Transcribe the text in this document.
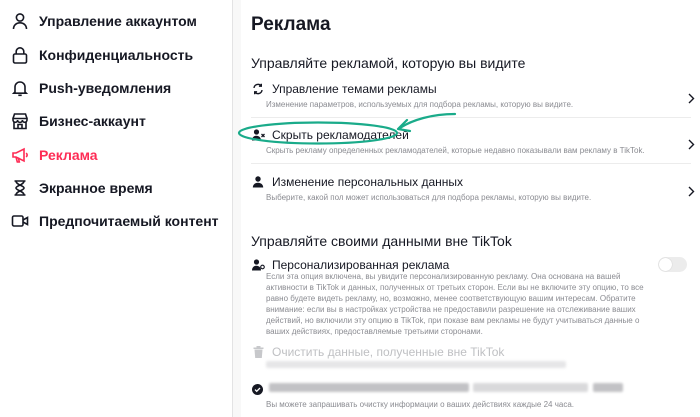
Управление аккаунтом
Конфиденциальность
Push-уведомления
Бизнес-аккаунт
Реклама
Экранное время
Предпочитаемый контент
Реклама
Управляйте рекламой, которую вы видите
Управление темами рекламы
Изменение параметров, используемых для подбора рекламы, которую вы видите.
Скрыть рекламодателей
Скрыть рекламу определенных рекламодателей, которые недавно показывали вам рекламу в TikTok.
Изменение персональных данных
Выберите, какой пол может использоваться для подбора рекламы, которую вы видите.
Управляйте своими данными вне TikTok
Персонализированная реклама
Если эта опция включена, вы увидите персонализированную рекламу. Она основана на вашей
активности в TikTok и данных, полученных от третьих сторон. Если вы не включите эту опцию, то все
равно будете видеть рекламу, но, возможно, менее соответствующую вашим интересам. Обратите
внимание: если вы в настройках устройства не предоставили разрешение на отслеживание ваших
действий, но включили эту опцию в TikTok, при показе вам рекламы не будут учитываться данные о
ваших действиях, предоставляемые третьими сторонами.
Очистить данные, полученные вне TikTok
Вы можете запрашивать очистку информации о ваших действиях каждые 24 часа.
